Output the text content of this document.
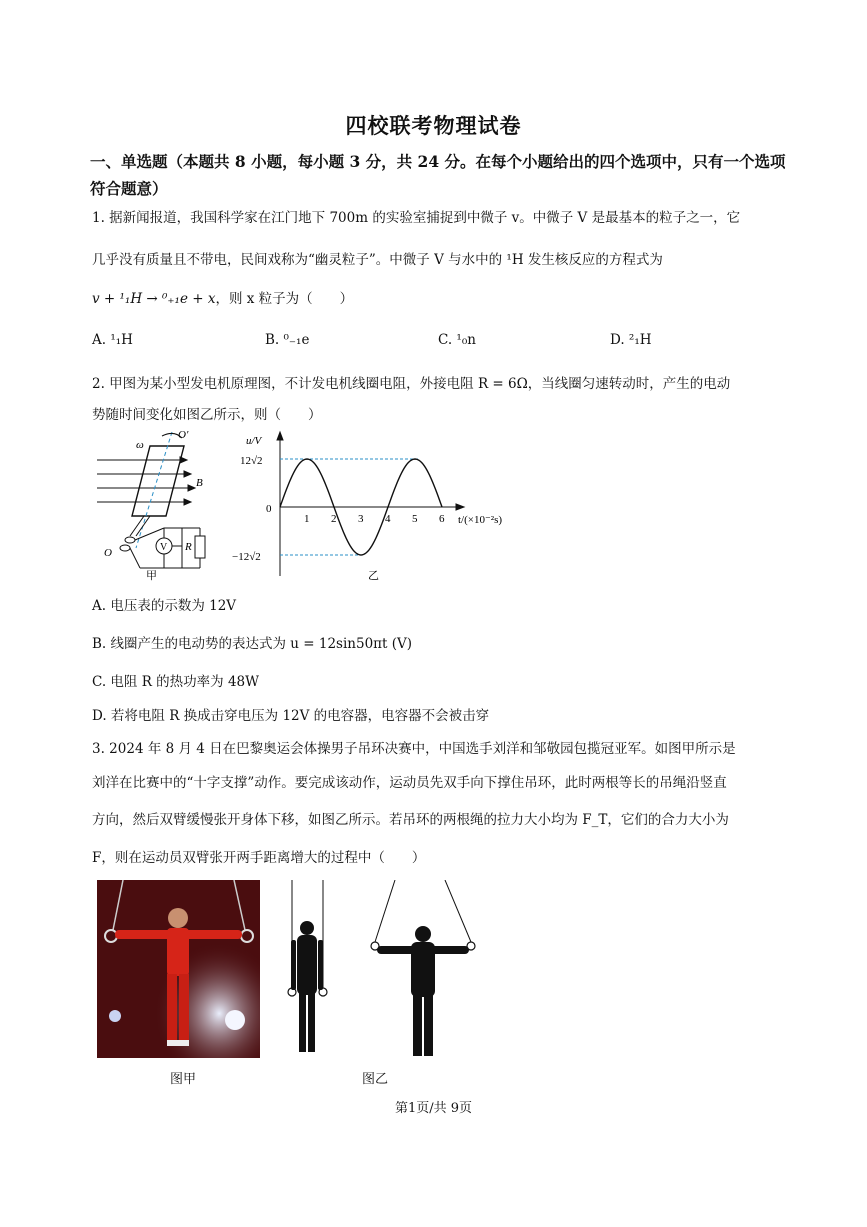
四校联考物理试卷
一、单选题（本题共 8 小题，每小题 3 分，共 24 分。在每个小题给出的四个选项中，只有一个选项符合题意）
1. 据新闻报道，我国科学家在江门地下 700m 的实验室捕捉到中微子 v。中微子 V 是最基本的粒子之一，它
几乎没有质量且不带电，民间戏称为“幽灵粒子”。中微子 V 与水中的 ¹H 发生核反应的方程式为
v + ¹₁H → ⁰₊₁e + x，则 x 粒子为（　　）
A. ¹₁H	B. ⁰₋₁e	C. ¹₀n	D. ²₁H
2. 甲图为某小型发电机原理图，不计发电机线圈电阻，外接电阻 R = 6Ω，当线圈匀速转动时，产生的电动
势随时间变化如图乙所示，则（　　）
ω
O′
B
V R
O
甲
u/V
12√2
0
−12√2
1 2 3 4 5 6 t/(×10⁻²s)
乙
A. 电压表的示数为 12V
B. 线圈产生的电动势的表达式为 u = 12sin50πt (V)
C. 电阻 R 的热功率为 48W
D. 若将电阻 R 换成击穿电压为 12V 的电容器，电容器不会被击穿
3. 2024 年 8 月 4 日在巴黎奥运会体操男子吊环决赛中，中国选手刘洋和邹敬园包揽冠亚军。如图甲所示是
刘洋在比赛中的“十字支撑”动作。要完成该动作，运动员先双手向下撑住吊环，此时两根等长的吊绳沿竖直
方向，然后双臂缓慢张开身体下移，如图乙所示。若吊环的两根绳的拉力大小均为 F_T，它们的合力大小为
F，则在运动员双臂张开两手距离增大的过程中（　　）
图甲	图乙
第1页/共 9页
